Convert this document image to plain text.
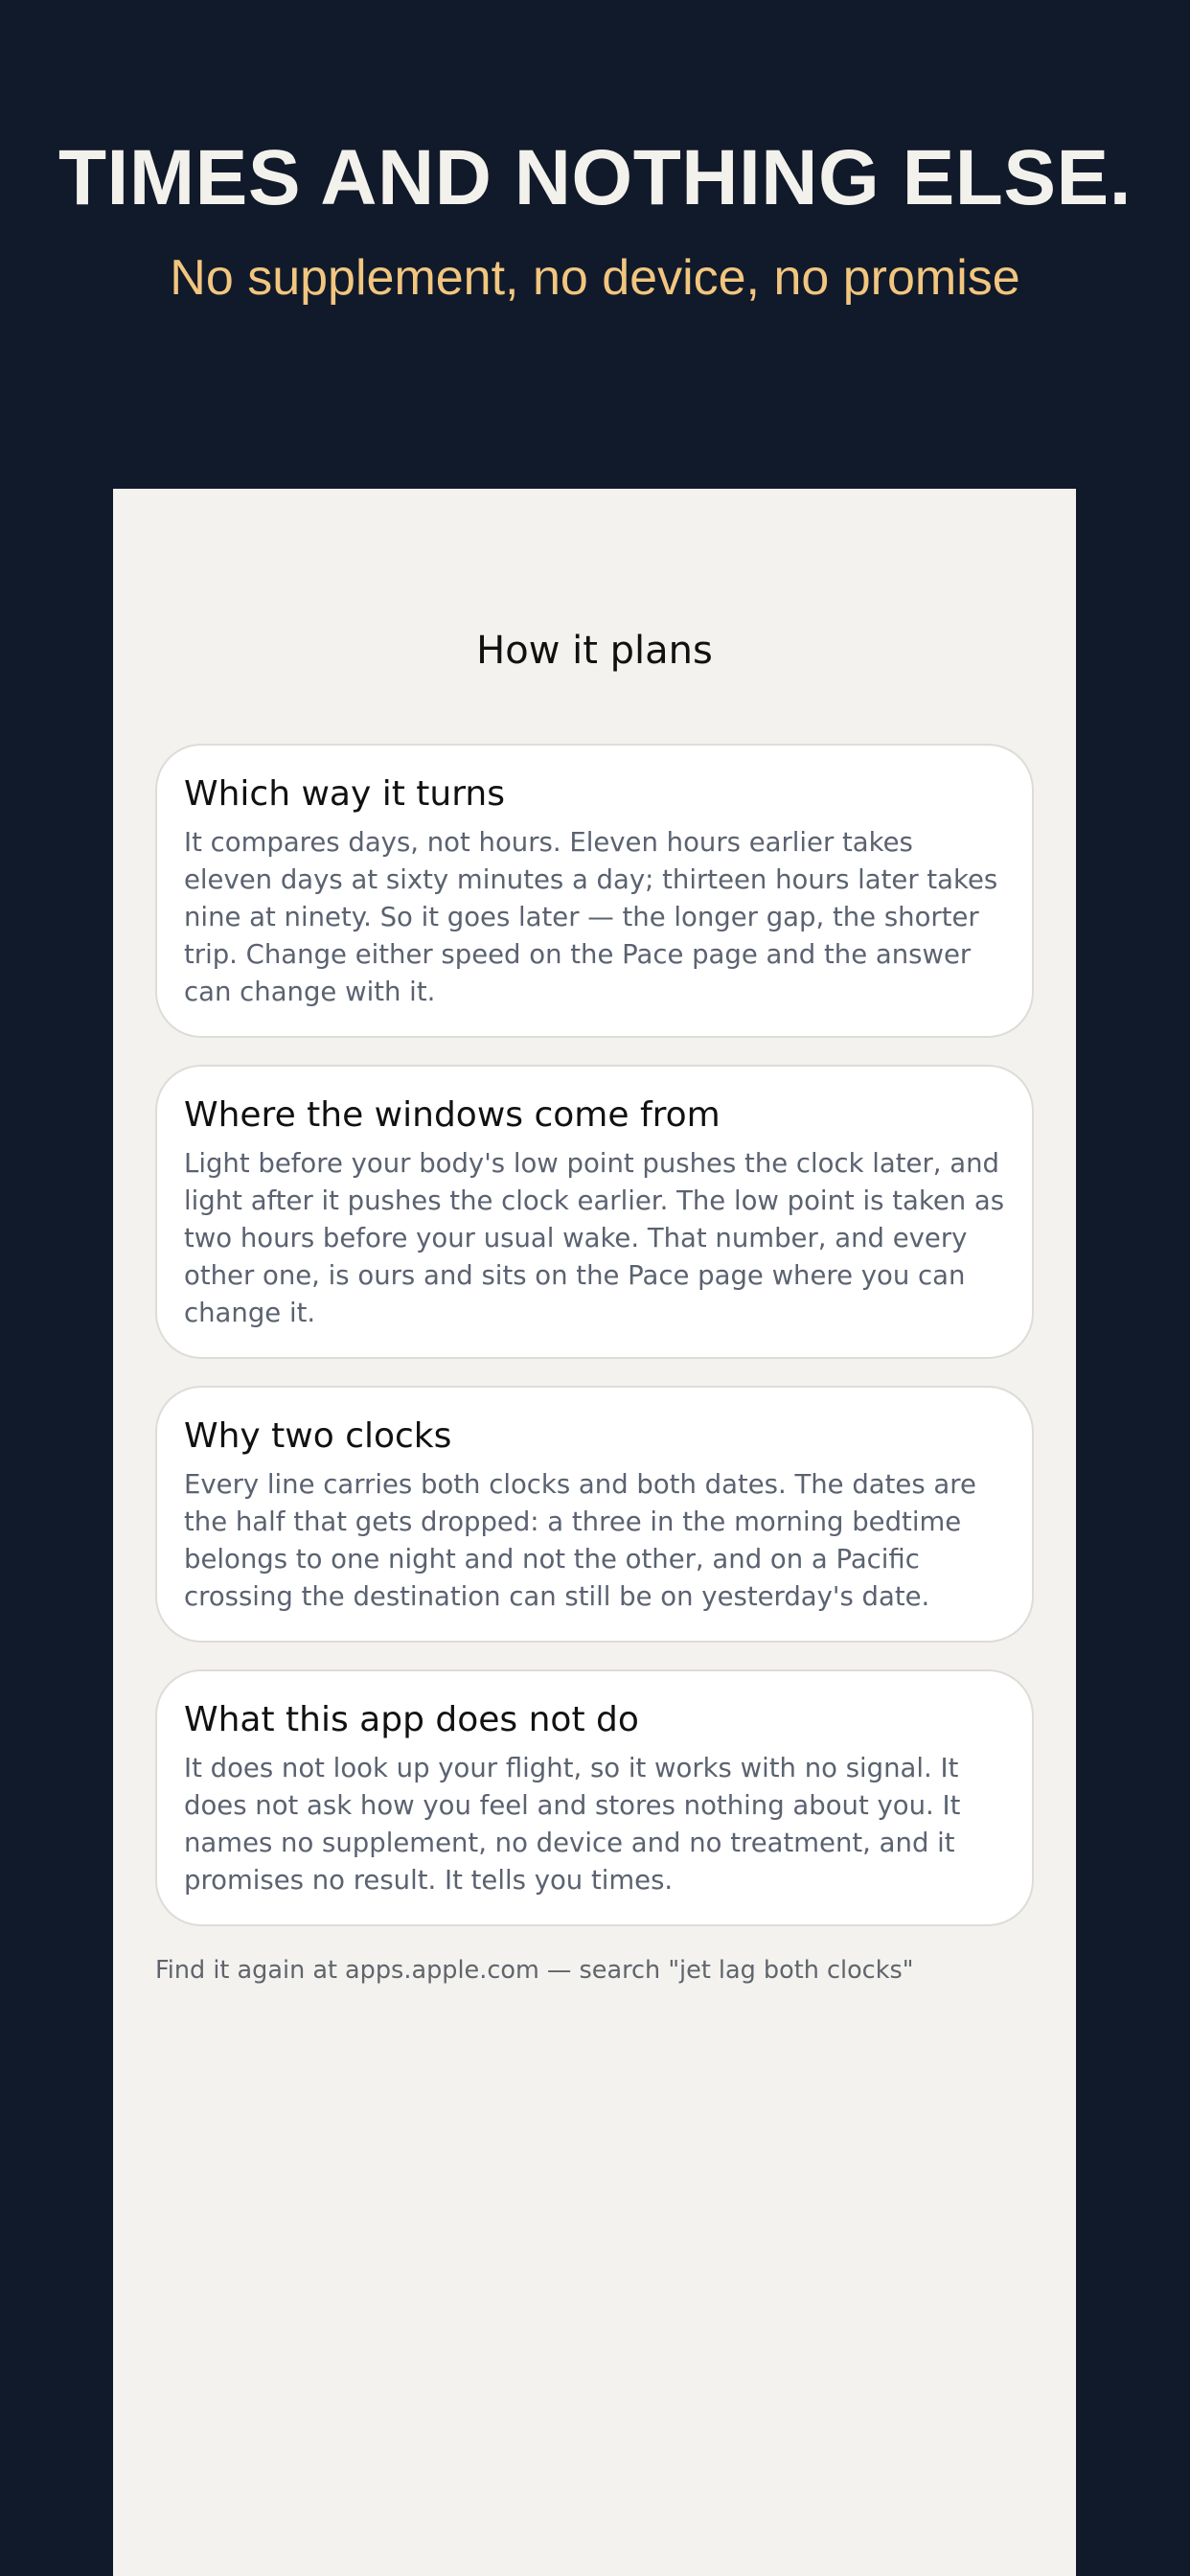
TIMES AND NOTHING ELSE.
No supplement, no device, no promise
How it plans

Which way it turns

It compares days, not hours. Eleven hours earlier takes eleven days at sixty minutes a day; thirteen hours later takes nine at ninety. So it goes later — the longer gap, the shorter trip. Change either speed on the Pace page and the answer can change with it.

Where the windows come from

Light before your body's low point pushes the clock later, and light after it pushes the clock earlier. The low point is taken as two hours before your usual wake. That number, and every other one, is ours and sits on the Pace page where you can change it.

Why two clocks

Every line carries both clocks and both dates. The dates are the half that gets dropped: a three in the morning bedtime belongs to one night and not the other, and on a Pacific crossing the destination can still be on yesterday's date.

What this app does not do

It does not look up your flight, so it works with no signal. It does not ask how you feel and stores nothing about you. It names no supplement, no device and no treatment, and it promises no result. It tells you times.

Find it again at apps.apple.com — search "jet lag both clocks"
